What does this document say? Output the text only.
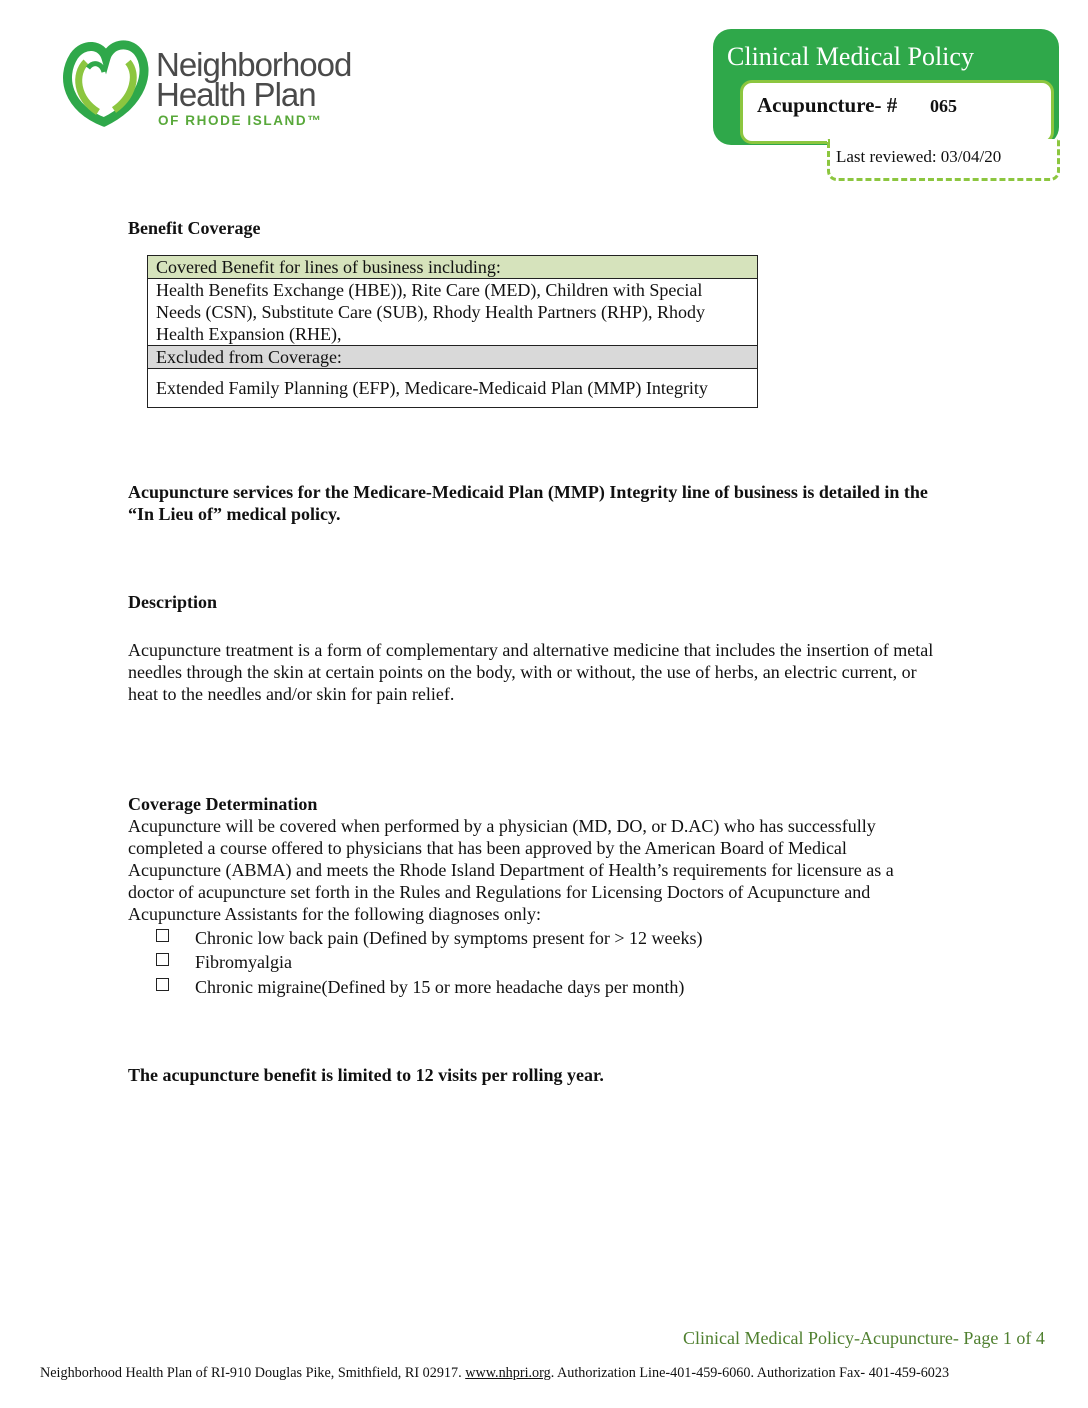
Neighborhood
Health Plan
OF RHODE ISLAND™
Clinical Medical Policy
Acupuncture- # 065
Last reviewed: 03/04/20
Benefit Coverage
Covered Benefit for lines of business including:
Health Benefits Exchange (HBE)), Rite Care (MED), Children with Special Needs (CSN), Substitute Care (SUB), Rhody Health Partners (RHP), Rhody Health Expansion (RHE),
Excluded from Coverage:
Extended Family Planning (EFP), Medicare-Medicaid Plan (MMP) Integrity
Acupuncture services for the Medicare-Medicaid Plan (MMP) Integrity line of business is detailed in the “In Lieu of” medical policy.
Description
Acupuncture treatment is a form of complementary and alternative medicine that includes the insertion of metal needles through the skin at certain points on the body, with or without, the use of herbs, an electric current, or heat to the needles and/or skin for pain relief.
Coverage Determination
Acupuncture will be covered when performed by a physician (MD, DO, or D.AC) who has successfully completed a course offered to physicians that has been approved by the American Board of Medical Acupuncture (ABMA) and meets the Rhode Island Department of Health’s requirements for licensure as a doctor of acupuncture set forth in the Rules and Regulations for Licensing Doctors of Acupuncture and Acupuncture Assistants for the following diagnoses only:
Chronic low back pain (Defined by symptoms present for > 12 weeks)
Fibromyalgia
Chronic migraine(Defined by 15 or more headache days per month)
The acupuncture benefit is limited to 12 visits per rolling year.
Clinical Medical Policy-Acupuncture- Page 1 of 4
Neighborhood Health Plan of RI-910 Douglas Pike, Smithfield, RI 02917. www.nhpri.org. Authorization Line-401-459-6060. Authorization Fax- 401-459-6023
